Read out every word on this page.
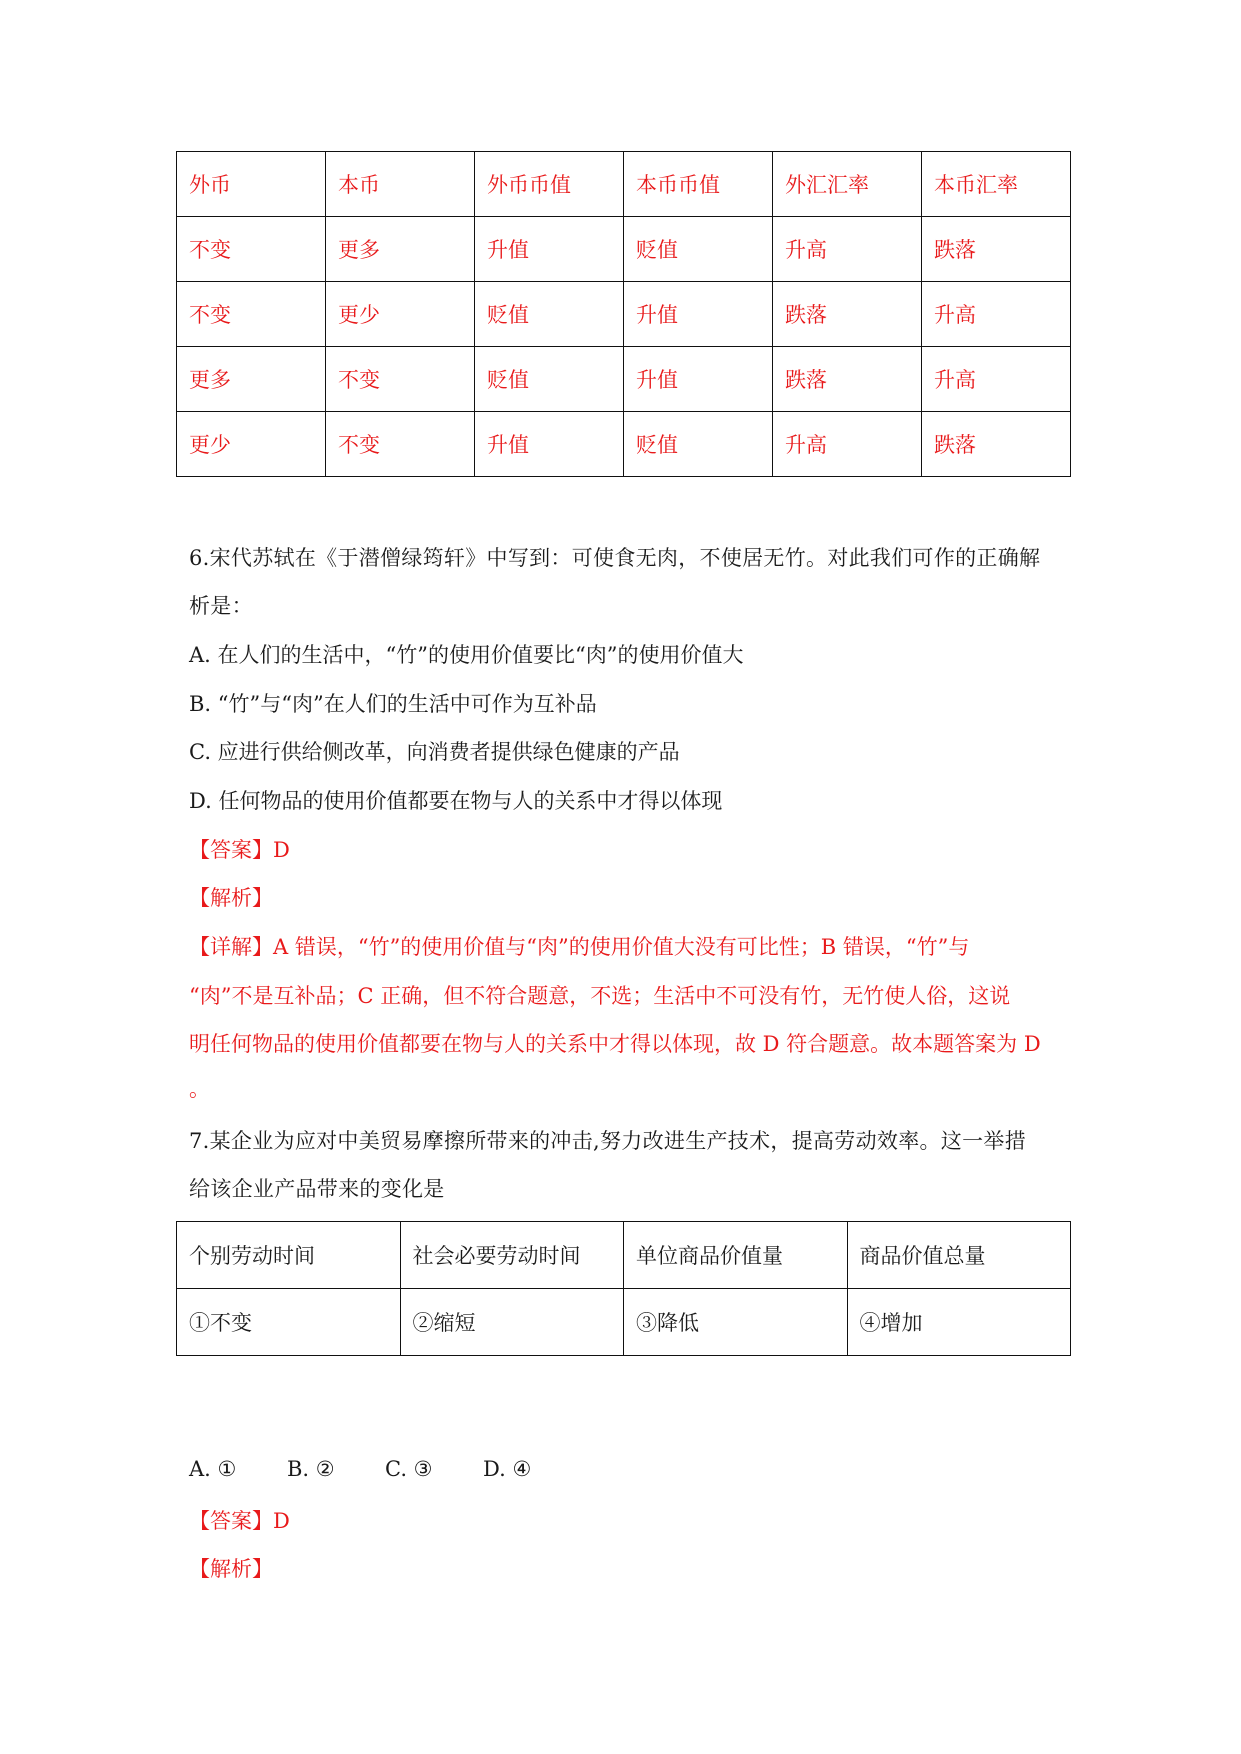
外币	本币	外币币值	本币币值	外汇汇率	本币汇率
不变	更多	升值	贬值	升高	跌落
不变	更少	贬值	升值	跌落	升高
更多	不变	贬值	升值	跌落	升高
更少	不变	升值	贬值	升高	跌落
6.宋代苏轼在《于潜僧绿筠轩》中写到：可使食无肉，不使居无竹。对此我们可作的正确解
析是：
A. 在人们的生活中，“竹”的使用价值要比“肉”的使用价值大
B. “竹”与“肉”在人们的生活中可作为互补品
C. 应进行供给侧改革，向消费者提供绿色健康的产品
D. 任何物品的使用价值都要在物与人的关系中才得以体现
【答案】D
【解析】
【详解】A 错误，“竹”的使用价值与“肉”的使用价值大没有可比性；B 错误，“竹”与
“肉”不是互补品；C 正确，但不符合题意，不选；生活中不可没有竹，无竹使人俗，这说
明任何物品的使用价值都要在物与人的关系中才得以体现，故 D 符合题意。故本题答案为 D
。
7.某企业为应对中美贸易摩擦所带来的冲击,努力改进生产技术，提高劳动效率。这一举措
给该企业产品带来的变化是
个别劳动时间	社会必要劳动时间	单位商品价值量	商品价值总量
①不变	②缩短	③降低	④增加
A. ① B. ② C. ③ D. ④
【答案】D
【解析】
